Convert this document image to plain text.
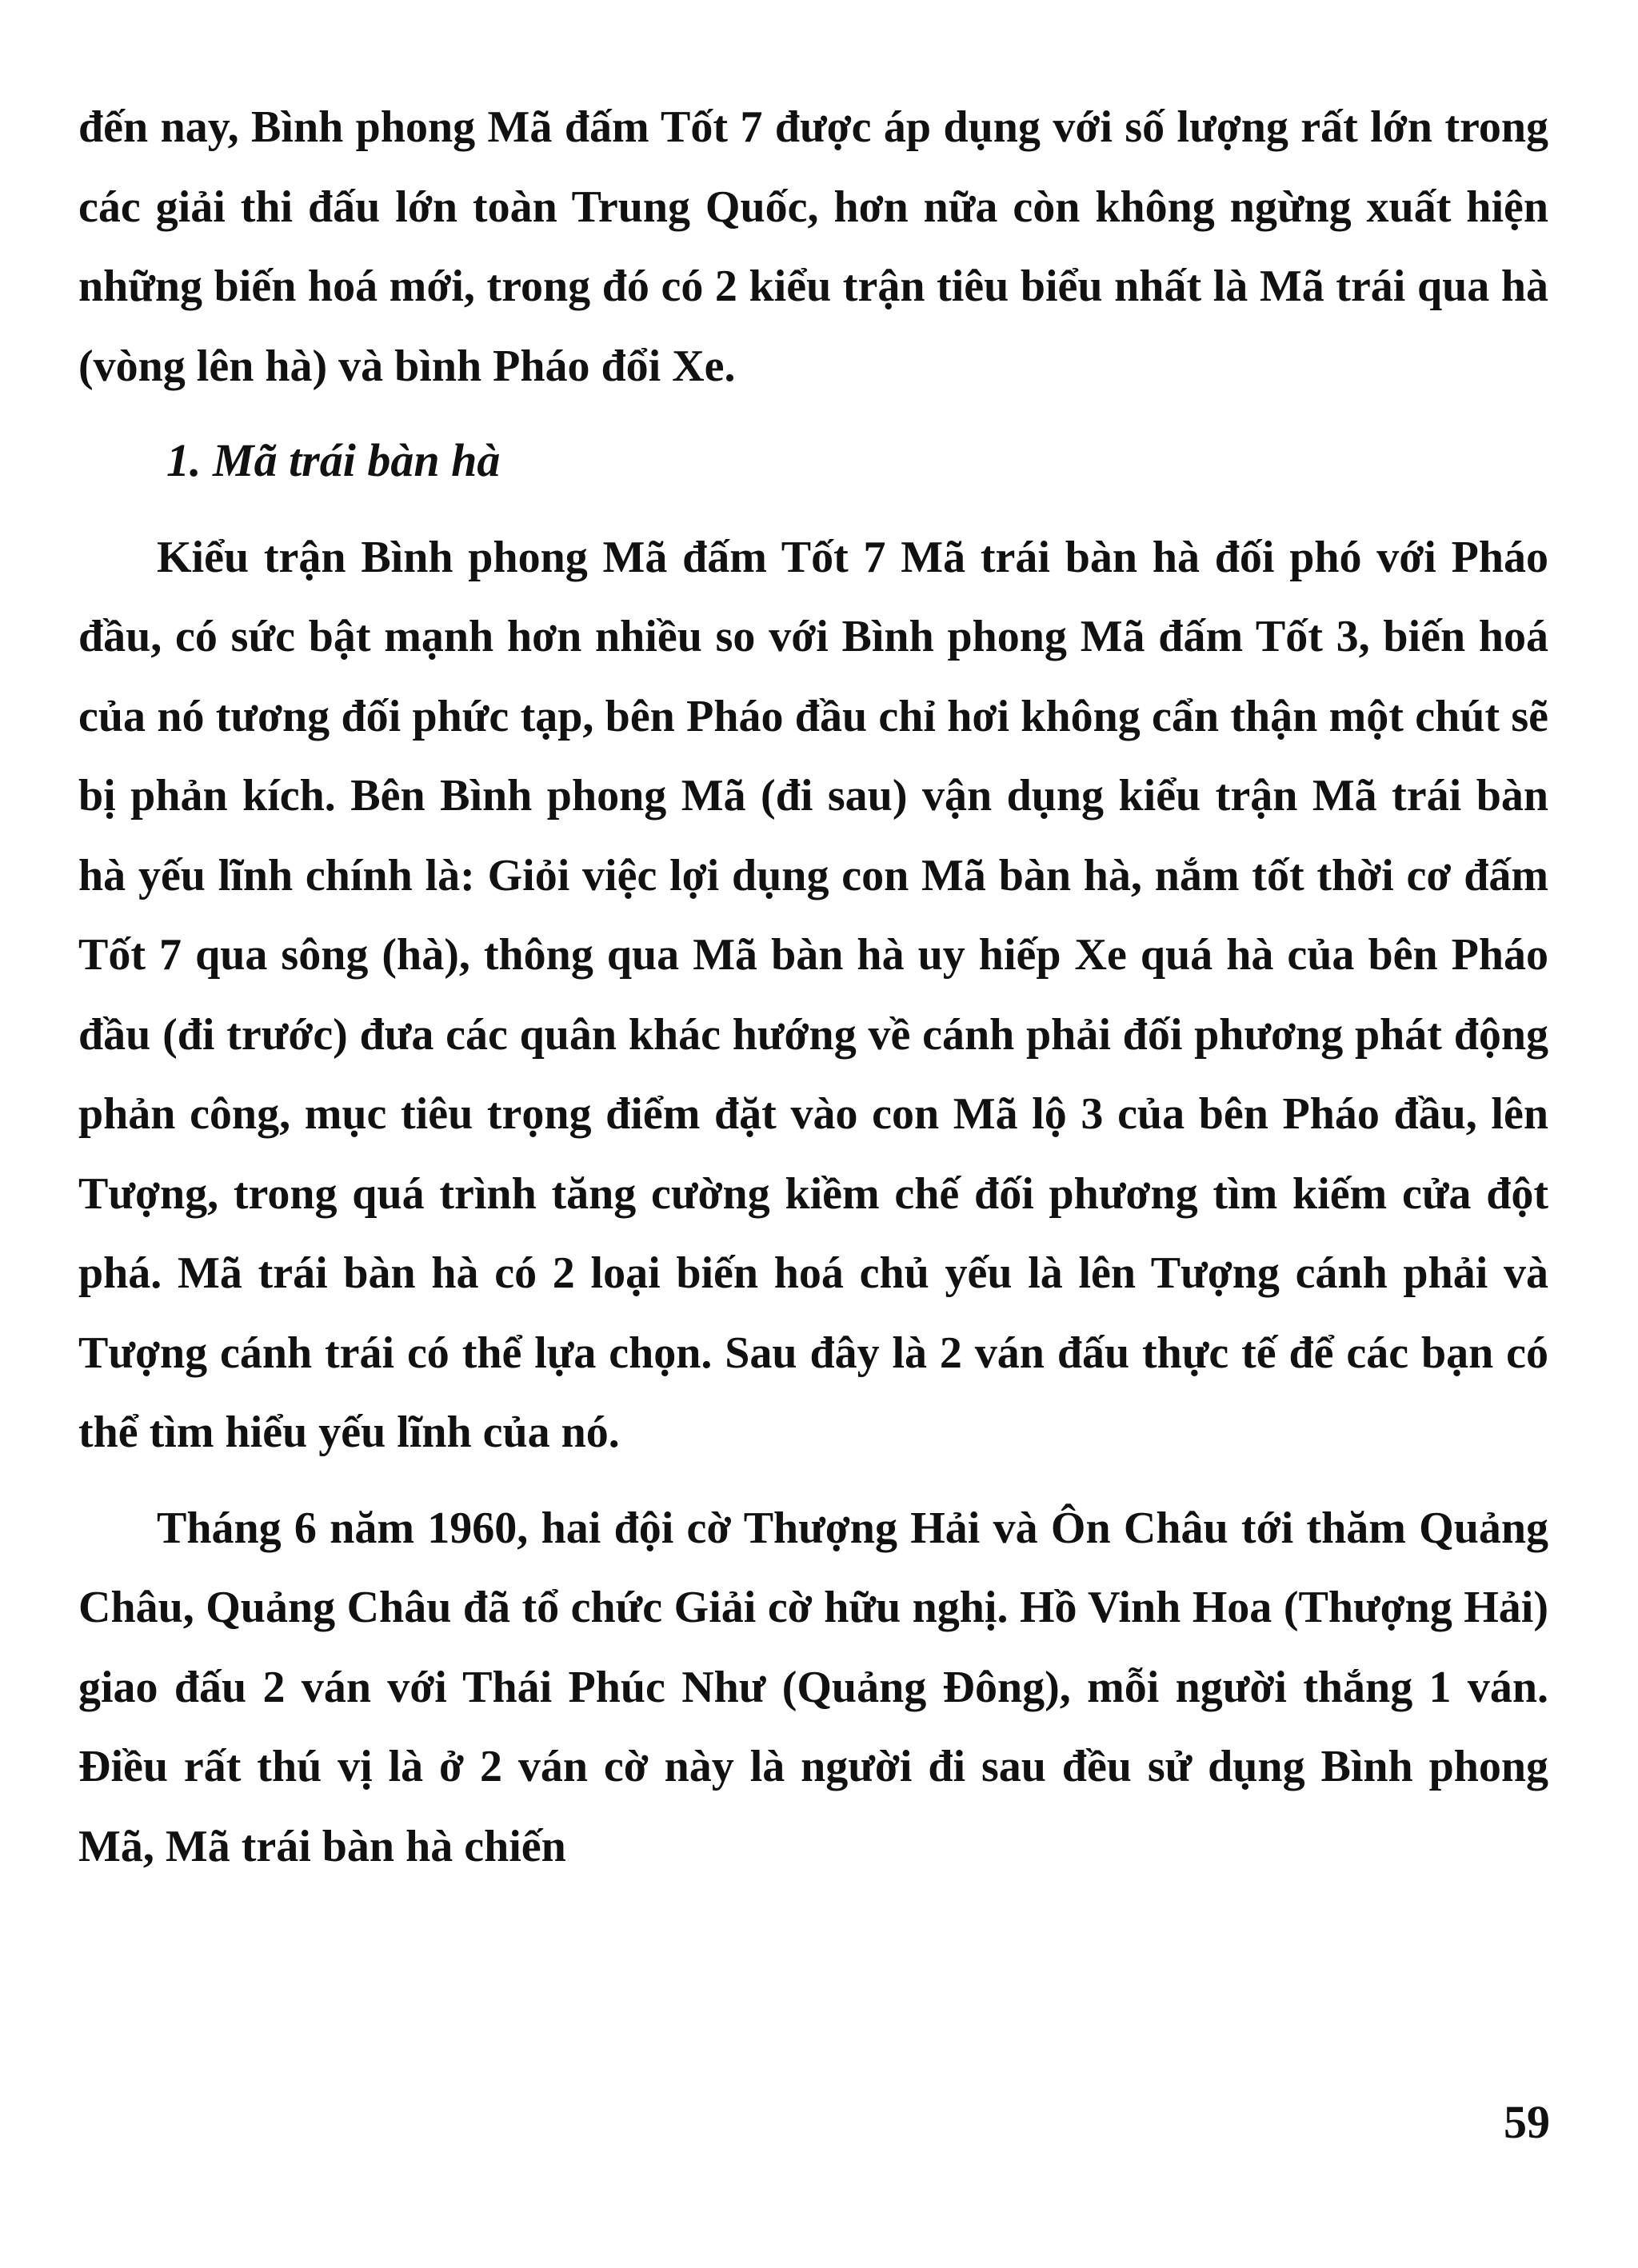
đến nay, Bình phong Mã đấm Tốt 7 được áp dụng với số lượng rất lớn trong các giải thi đấu lớn toàn Trung Quốc, hơn nữa còn không ngừng xuất hiện những biến hoá mới, trong đó có 2 kiểu trận tiêu biểu nhất là Mã trái qua hà (vòng lên hà) và bình Pháo đổi Xe.

1. Mã trái bàn hà

Kiểu trận Bình phong Mã đấm Tốt 7 Mã trái bàn hà đối phó với Pháo đầu, có sức bật mạnh hơn nhiều so với Bình phong Mã đấm Tốt 3, biến hoá của nó tương đối phức tạp, bên Pháo đầu chỉ hơi không cẩn thận một chút sẽ bị phản kích. Bên Bình phong Mã (đi sau) vận dụng kiểu trận Mã trái bàn hà yếu lĩnh chính là: Giỏi việc lợi dụng con Mã bàn hà, nắm tốt thời cơ đấm Tốt 7 qua sông (hà), thông qua Mã bàn hà uy hiếp Xe quá hà của bên Pháo đầu (đi trước) đưa các quân khác hướng về cánh phải đối phương phát động phản công, mục tiêu trọng điểm đặt vào con Mã lộ 3 của bên Pháo đầu, lên Tượng, trong quá trình tăng cường kiềm chế đối phương tìm kiếm cửa đột phá. Mã trái bàn hà có 2 loại biến hoá chủ yếu là lên Tượng cánh phải và Tượng cánh trái có thể lựa chọn. Sau đây là 2 ván đấu thực tế để các bạn có thể tìm hiểu yếu lĩnh của nó.

Tháng 6 năm 1960, hai đội cờ Thượng Hải và Ôn Châu tới thăm Quảng Châu, Quảng Châu đã tổ chức Giải cờ hữu nghị. Hồ Vinh Hoa (Thượng Hải) giao đấu 2 ván với Thái Phúc Như (Quảng Đông), mỗi người thắng 1 ván. Điều rất thú vị là ở 2 ván cờ này là người đi sau đều sử dụng Bình phong Mã, Mã trái bàn hà chiến

59
